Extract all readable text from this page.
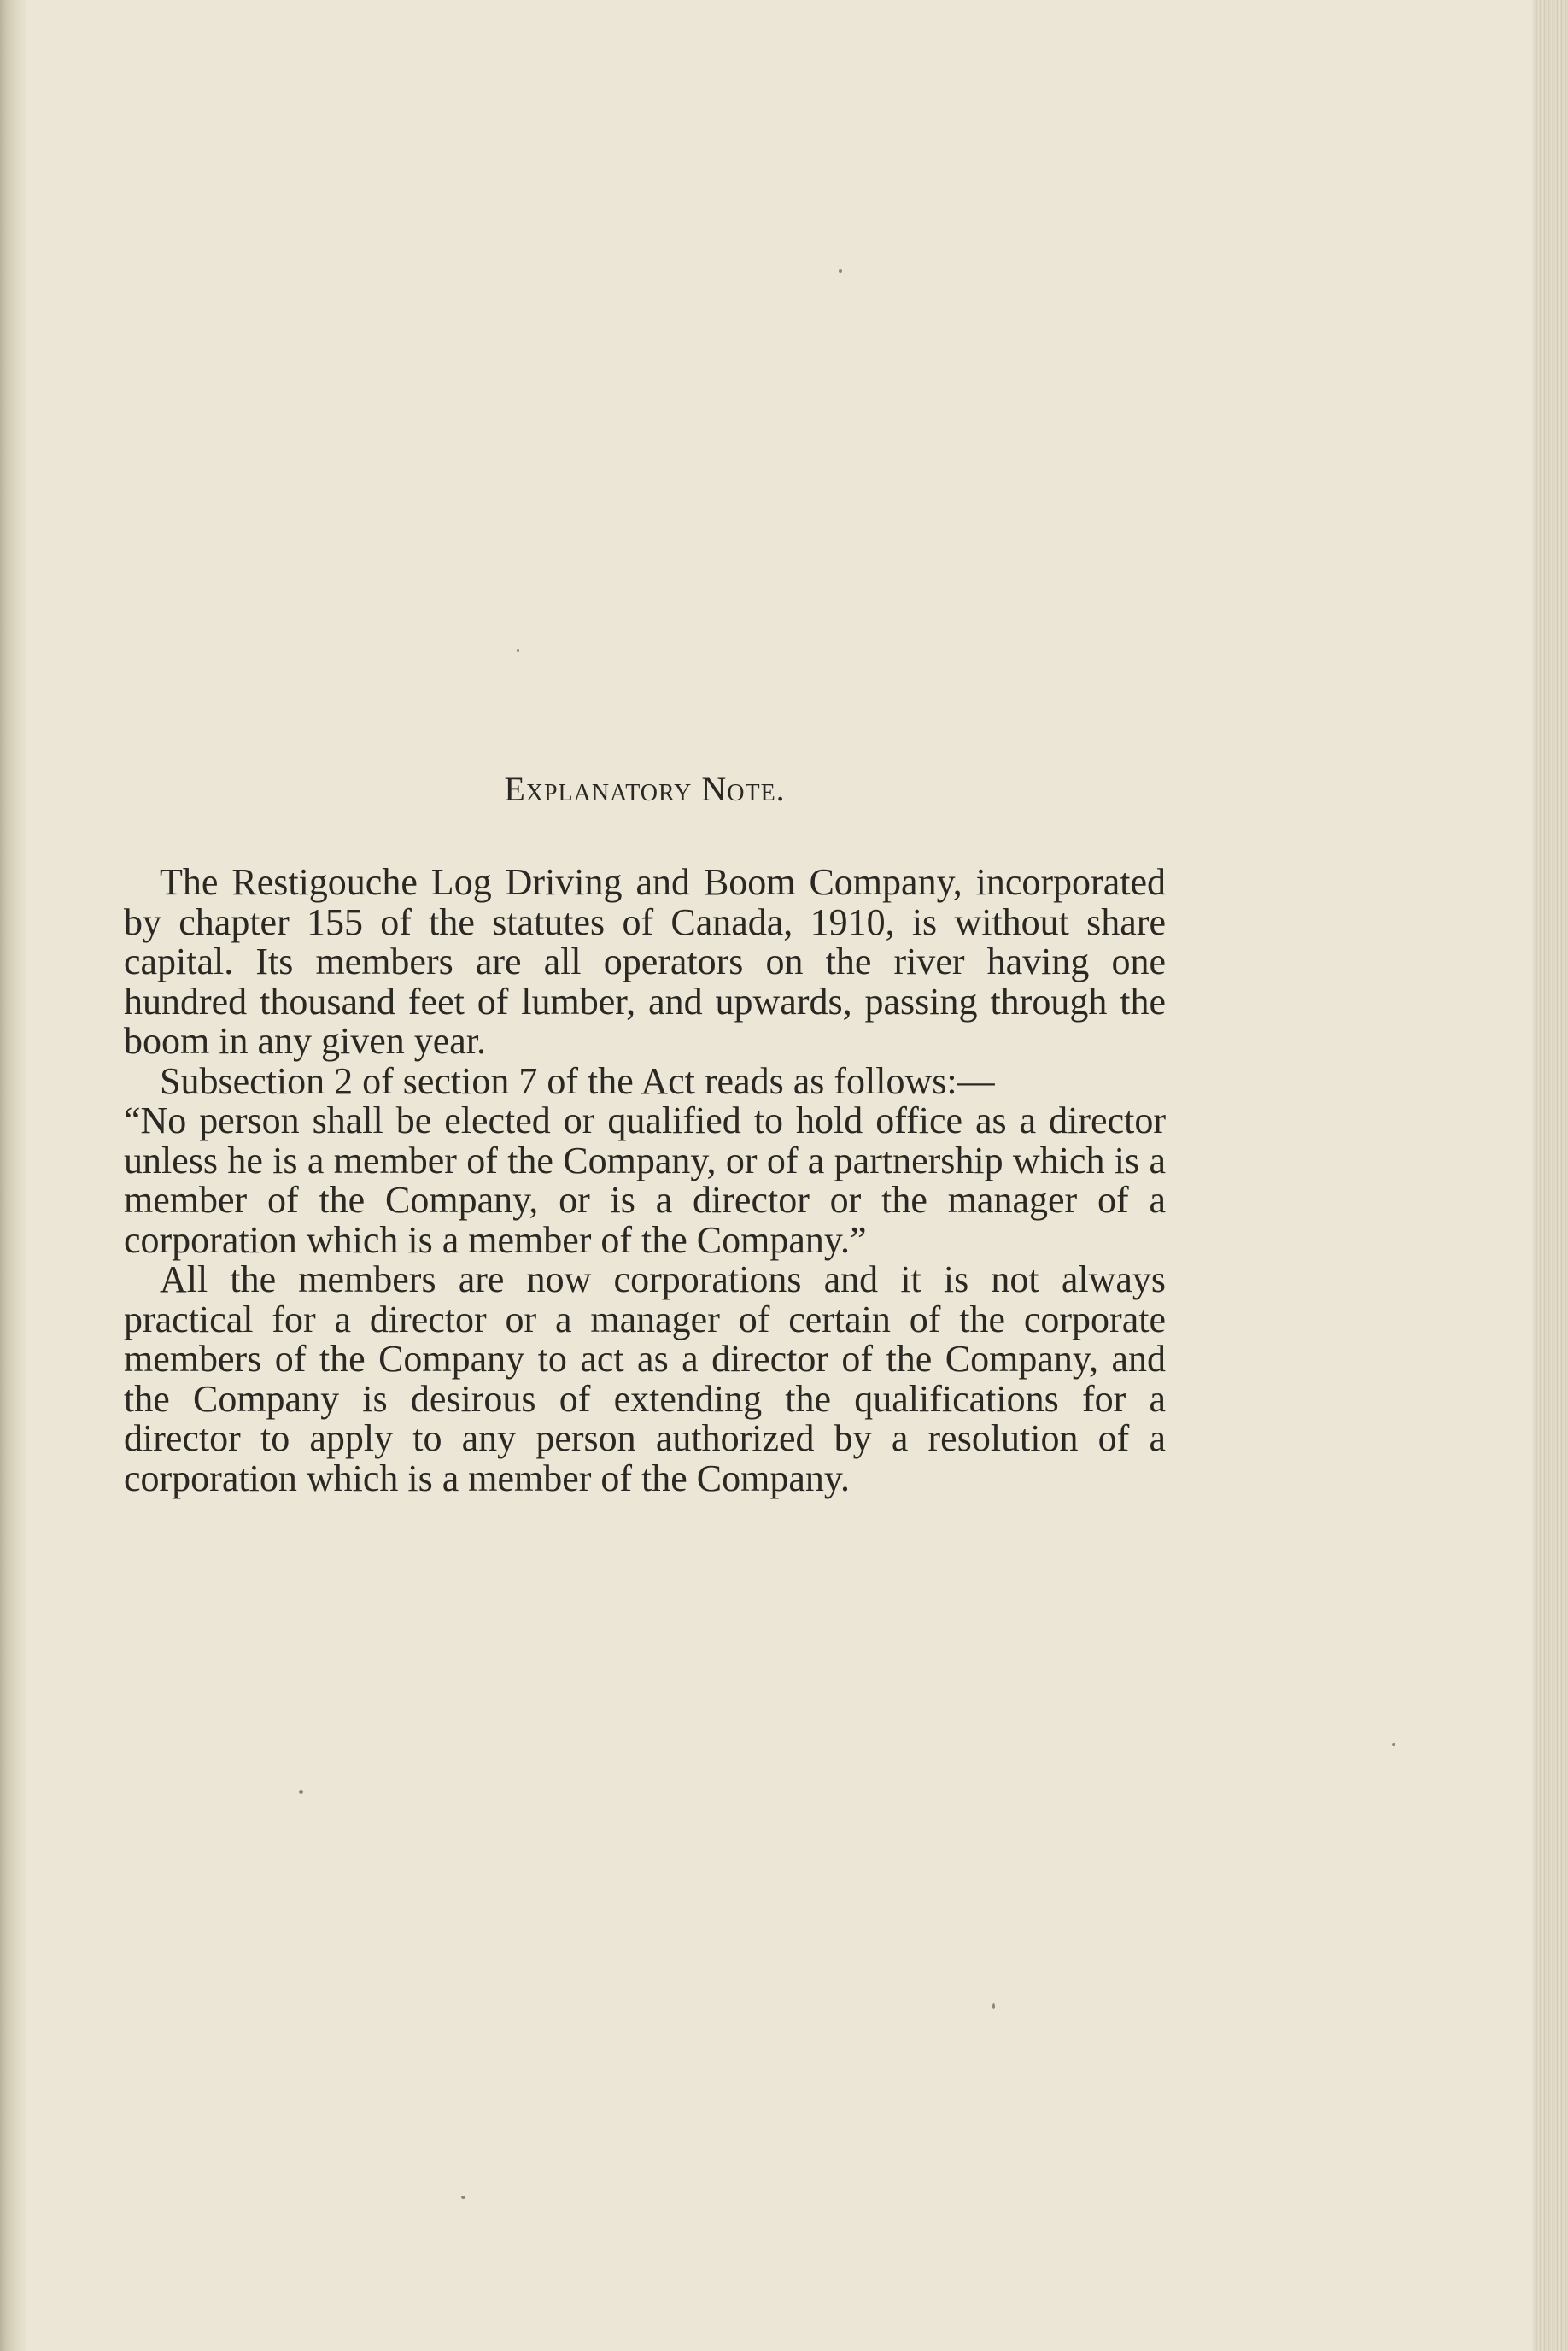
Explanatory Note.

The Restigouche Log Driving and Boom Company, incorporated by chapter 155 of the statutes of Canada, 1910, is without share capital. Its members are all operators on the river having one hundred thousand feet of lumber, and upwards, passing through the boom in any given year.

Subsection 2 of section 7 of the Act reads as follows:—

“No person shall be elected or qualified to hold office as a director unless he is a member of the Company, or of a partnership which is a member of the Company, or is a director or the manager of a corporation which is a member of the Company.”

All the members are now corporations and it is not always practical for a director or a manager of certain of the corporate members of the Company to act as a director of the Company, and the Company is desirous of extending the qualifications for a director to apply to any person authorized by a resolution of a corporation which is a member of the Company.
